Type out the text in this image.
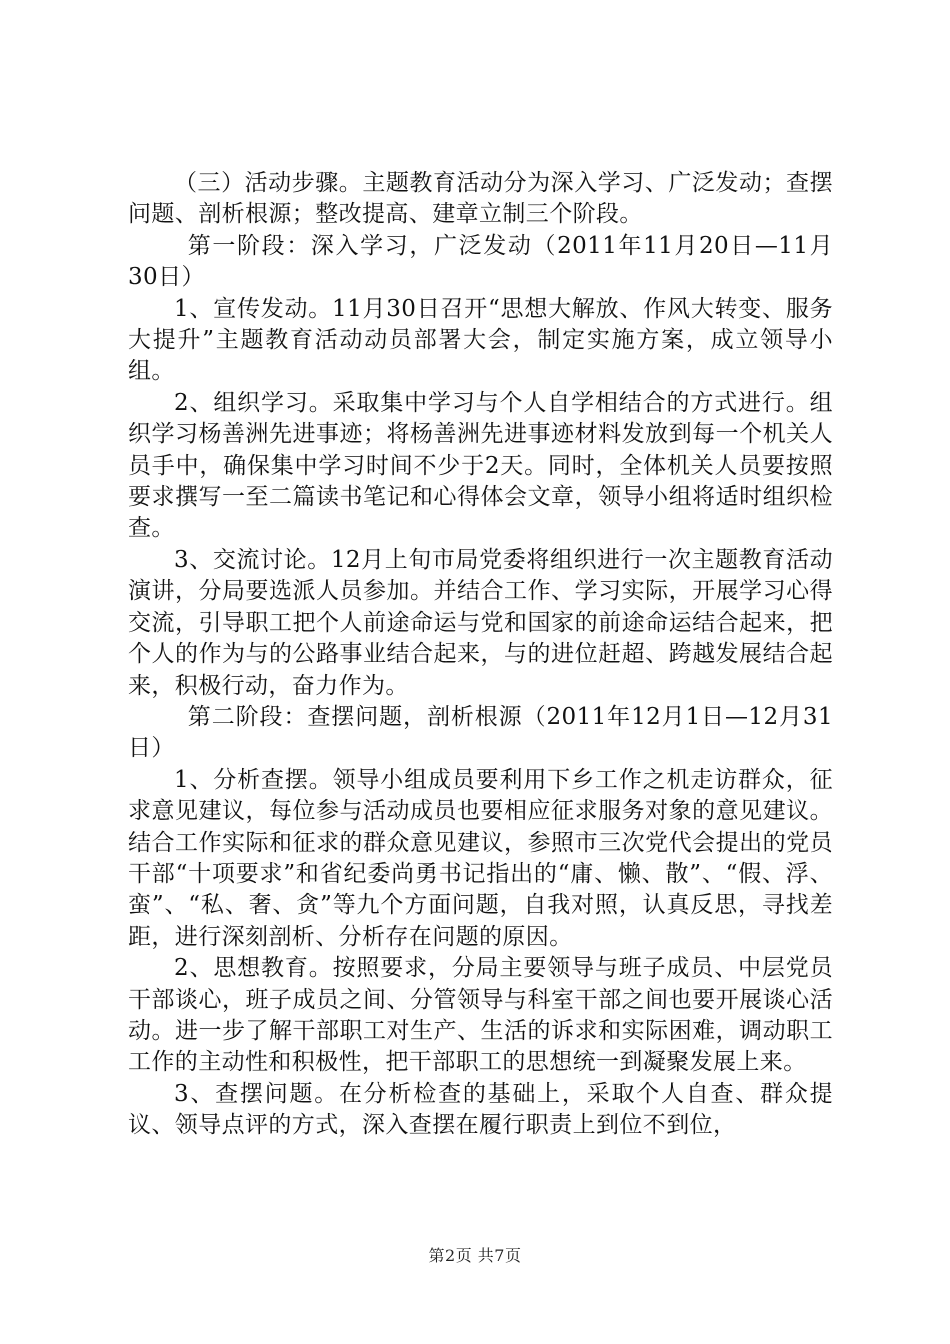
（三）活动步骤。主题教育活动分为深入学习、广泛发动；查摆问题、剖析根源；整改提高、建章立制三个阶段。

第一阶段：深入学习，广泛发动（2011年11月20日—11月30日）

1、宣传发动。11月30日召开“思想大解放、作风大转变、服务大提升”主题教育活动动员部署大会，制定实施方案，成立领导小组。

2、组织学习。采取集中学习与个人自学相结合的方式进行。组织学习杨善洲先进事迹；将杨善洲先进事迹材料发放到每一个机关人员手中，确保集中学习时间不少于2天。同时，全体机关人员要按照要求撰写一至二篇读书笔记和心得体会文章，领导小组将适时组织检查。

3、交流讨论。12月上旬市局党委将组织进行一次主题教育活动演讲，分局要选派人员参加。并结合工作、学习实际，开展学习心得交流，引导职工把个人前途命运与党和国家的前途命运结合起来，把个人的作为与的公路事业结合起来，与的进位赶超、跨越发展结合起来，积极行动，奋力作为。

第二阶段：查摆问题，剖析根源（2011年12月1日—12月31日）

1、分析查摆。领导小组成员要利用下乡工作之机走访群众，征求意见建议，每位参与活动成员也要相应征求服务对象的意见建议。结合工作实际和征求的群众意见建议，参照市三次党代会提出的党员干部“十项要求”和省纪委尚勇书记指出的“庸、懒、散”、“假、浮、蛮”、“私、奢、贪”等九个方面问题，自我对照，认真反思，寻找差距，进行深刻剖析、分析存在问题的原因。

2、思想教育。按照要求，分局主要领导与班子成员、中层党员干部谈心，班子成员之间、分管领导与科室干部之间也要开展谈心活动。进一步了解干部职工对生产、生活的诉求和实际困难，调动职工工作的主动性和积极性，把干部职工的思想统一到凝聚发展上来。

3、查摆问题。在分析检查的基础上，采取个人自查、群众提议、领导点评的方式，深入查摆在履行职责上到位不到位，

第2页 共7页
